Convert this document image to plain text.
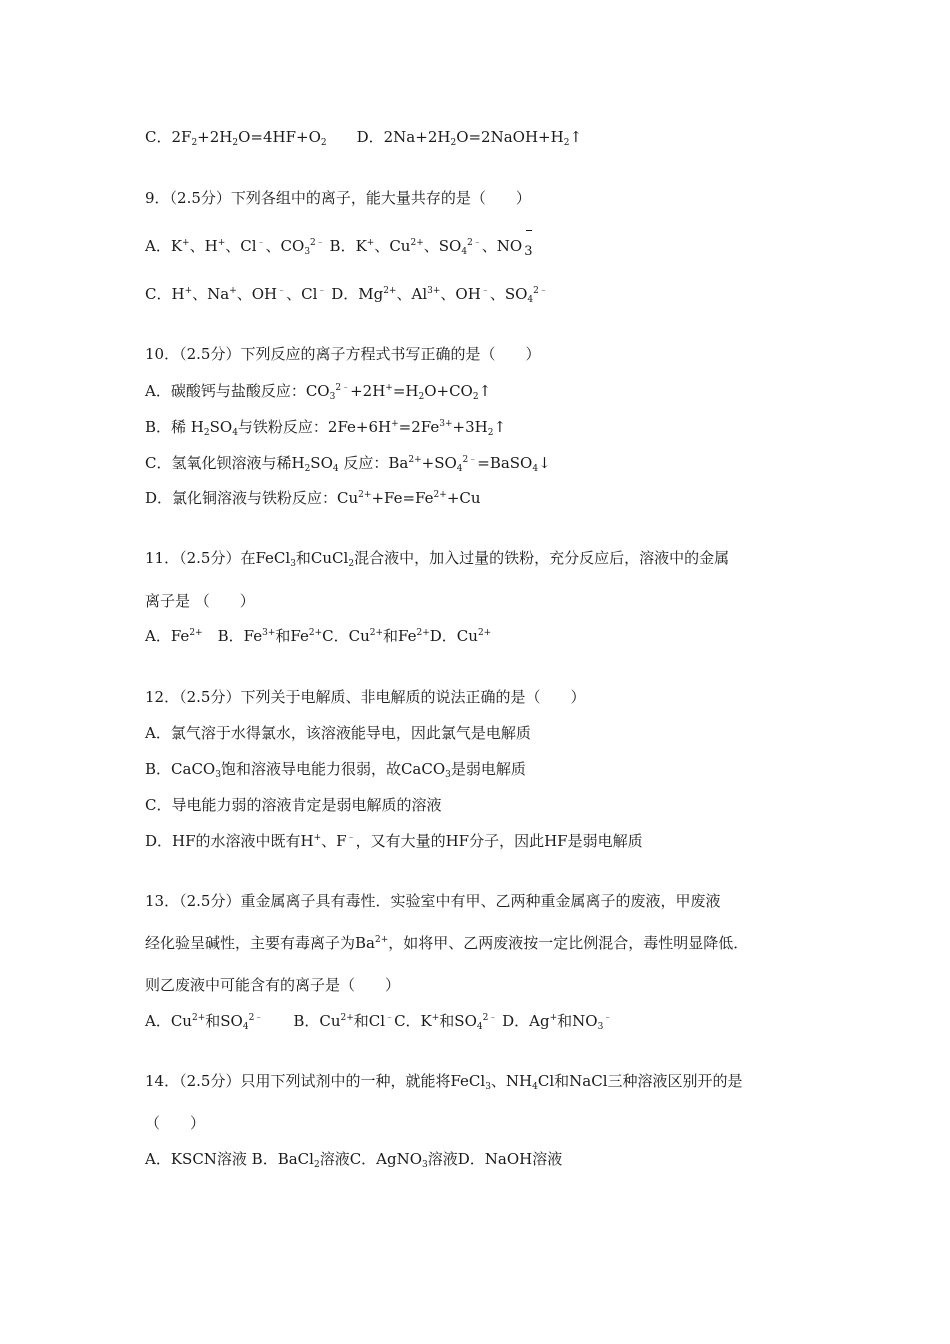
C．$2F_2+2H_2O=4HF+O_2$　　D．$2Na+2H_2O=2NaOH+H_2↑$
9．（2.5分）下列各组中的离子，能大量共存的是（　　）
A．K+、H+、Cl﹣、$CO_3^{2﹣}$ B．K+、$Cu^{2+}$、$SO_4^{2﹣}$、NO 3
C．H+、Na+、OH﹣、Cl﹣ D．$Mg^{2+}$、$Al^{3+}$、OH﹣、$SO_4^{2﹣}$
10．（2.5分）下列反应的离子方程式书写正确的是（　　）
A．碳酸钙与盐酸反应：$CO_3^{2﹣}+2H^+=H_2O+CO_2↑$
B．稀 $H_2SO_4$与铁粉反应：$2Fe+6H^+=2Fe^{3+}+3H_2↑$
C．氢氧化钡溶液与稀$H_2SO_4$ 反应：$Ba^{2+}+SO_4^{2﹣}=BaSO_4↓$
D．氯化铜溶液与铁粉反应：$Cu^{2+}+Fe=Fe^{2+}+Cu$
11．（2.5分）在FeCl$_3$和CuCl$_2$混合液中，加入过量的铁粉，充分反应后，溶液中的金属
离子是 （　　）
A．$Fe^{2+}$　B．$Fe^{3+}$和$Fe^{2+}C$．$Cu^{2+}$和$Fe^{2+}D$．$Cu^{2+}$
12．（2.5分）下列关于电解质、非电解质的说法正确的是（　　）
A．氯气溶于水得氯水，该溶液能导电，因此氯气是电解质
B．CaCO$_3$饱和溶液导电能力很弱，故CaCO$_3$是弱电解质
C．导电能力弱的溶液肯定是弱电解质的溶液
D．HF的水溶液中既有H+、F﹣，又有大量的HF分子，因此HF是弱电解质
13．（2.5分）重金属离子具有毒性．实验室中有甲、乙两种重金属离子的废液，甲废液
经化验呈碱性，主要有毒离子为$Ba^{2+}$，如将甲、乙两废液按一定比例混合，毒性明显降低．
则乙废液中可能含有的离子是（　　）
A．$Cu^{2+}$和$SO_4^{2﹣}$　　B．$Cu^{2+}$和Cl﹣C．K+和$SO_4^{2﹣}$ D．Ag+和$NO_3^﹣$
14．（2.5分）只用下列试剂中的一种，就能将FeCl$_3$、$NH_4Cl$和NaCl三种溶液区别开的是
（　　）
A．KSCN溶液 B．BaCl$_2$溶液C．AgNO$_3$溶液D．NaOH溶液
